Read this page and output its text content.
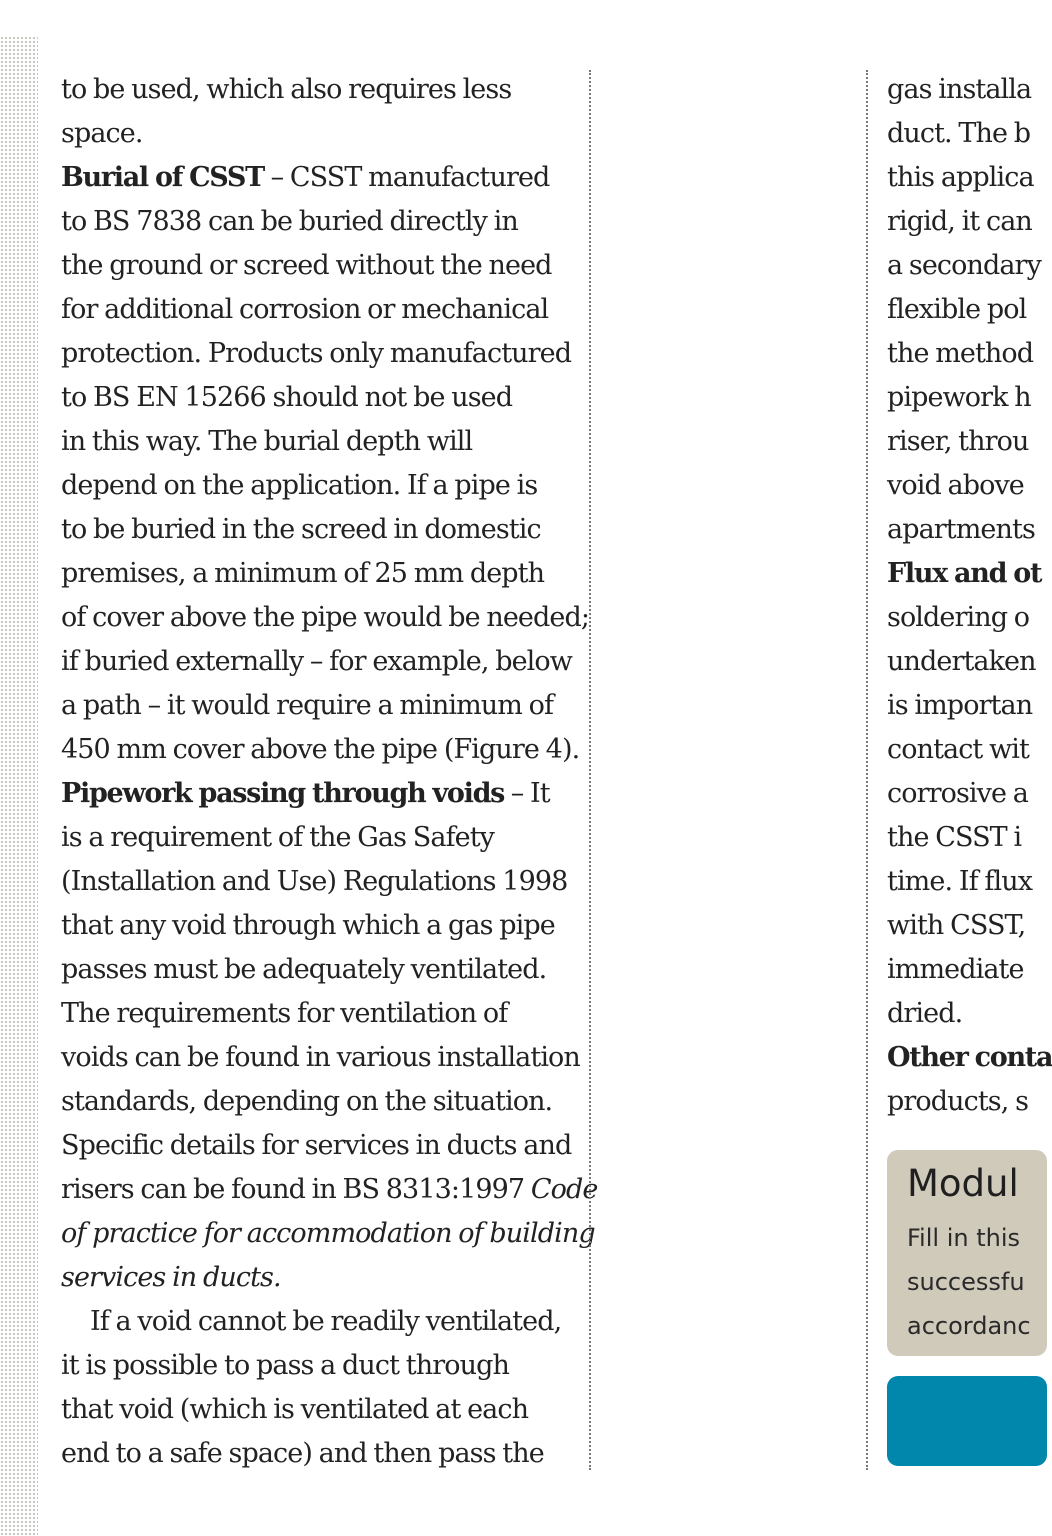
to be used, which also requires less
space.

Burial of CSST – CSST manufactured
to BS 7838 can be buried directly in
the ground or screed without the need
for additional corrosion or mechanical
protection. Products only manufactured
to BS EN 15266 should not be used
in this way. The burial depth will
depend on the application. If a pipe is
to be buried in the screed in domestic
premises, a minimum of 25 mm depth
of cover above the pipe would be needed;
if buried externally – for example, below
a path – it would require a minimum of
450 mm cover above the pipe (Figure 4).

Pipework passing through voids – It
is a requirement of the Gas Safety
(Installation and Use) Regulations 1998
that any void through which a gas pipe
passes must be adequately ventilated.
The requirements for ventilation of
voids can be found in various installation
standards, depending on the situation.
Specific details for services in ducts and
risers can be found in BS 8313:1997 Code
of practice for accommodation of building
services in ducts.

If a void cannot be readily ventilated,

it is possible to pass a duct through
that void (which is ventilated at each
end to a safe space) and then pass the

gas installa
duct. The b
this applica
rigid, it can
a secondary
flexible pol
the method
pipework h
riser, throu
void above
apartments
Flux and ot
soldering o
undertaken
is importan
contact wit
corrosive a
the CSST i
time. If flux
with CSST,
immediate
dried.
Other conta
products, s
Modul
Fill in this
successfu
accordanc
